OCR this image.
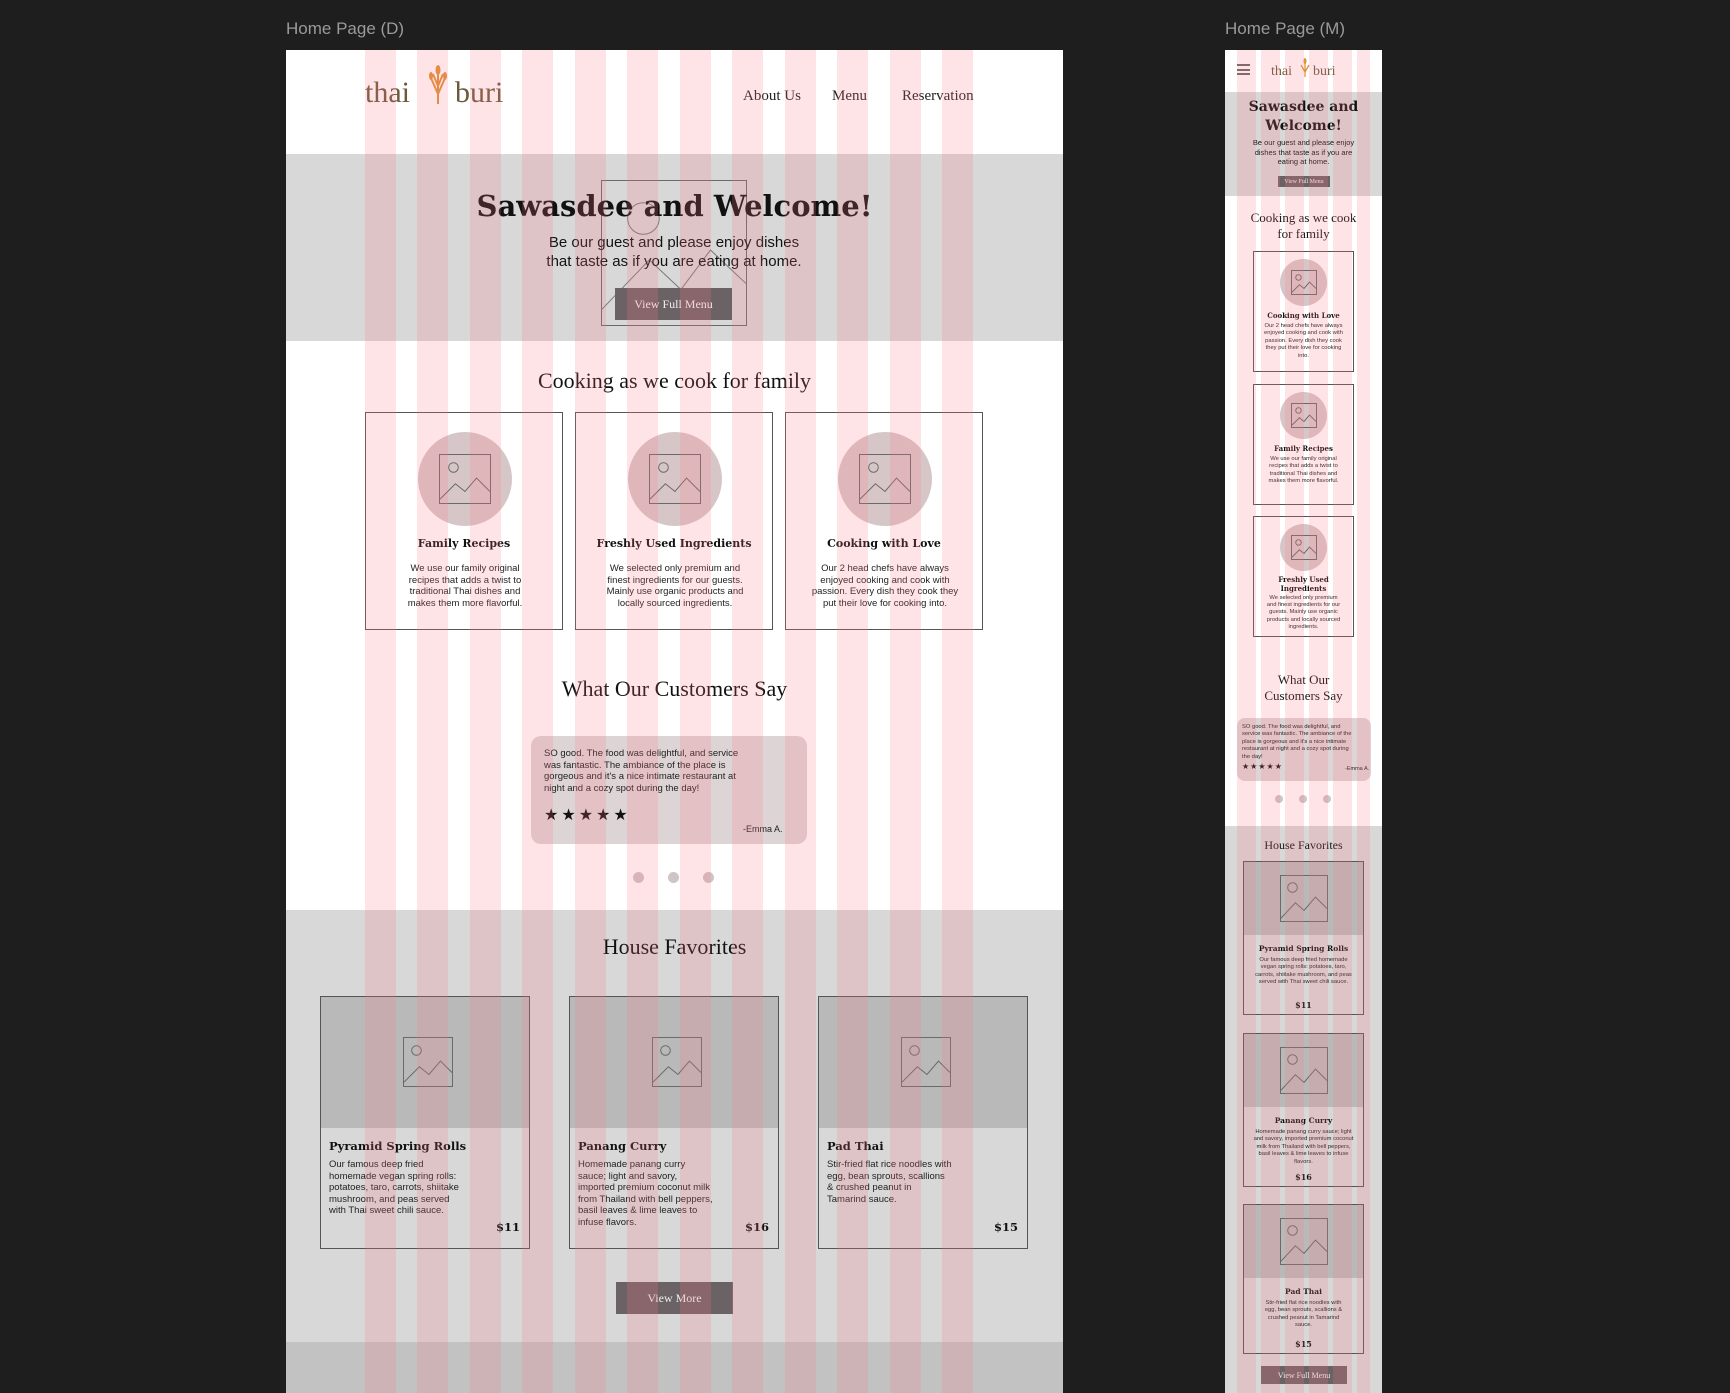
Home Page (D)
thai buri	About Us Menu Reservation
Sawasdee and Welcome!
Be our guest and please enjoy dishes that taste as if you are eating at home.
View Full Menu
Cooking as we cook for family
Family Recipes
We use our family original recipes that adds a twist to traditional Thai dishes and makes them more flavorful.
Freshly Used Ingredients
We selected only premium and finest ingredients for our guests. Mainly use organic products and locally sourced ingredients.
Cooking with Love
Our 2 head chefs have always enjoyed cooking and cook with passion. Every dish they cook they put their love for cooking into.
What Our Customers Say
SO good. The food was delightful, and service was fantastic. The ambiance of the place is gorgeous and it's a nice intimate restaurant at night and a cozy spot during the day!
★★★★★
-Emma A.
House Favorites
Pyramid Spring Rolls
Our famous deep fried homemade vegan spring rolls: potatoes, taro, carrots, shiitake mushroom, and peas served with Thai sweet chili sauce.
$11
Panang Curry
Homemade panang curry sauce; light and savory, imported premium coconut milk from Thailand with bell peppers, basil leaves & lime leaves to infuse flavors.	$16
Pad Thai
Stir-fried flat rice noodles with egg, bean sprouts, scallions & crushed peanut in Tamarind sauce.
$15
View More
Home Page (M)
thai buri
Sawasdee and Welcome!
Be our guest and please enjoy dishes that taste as if you are eating at home.
View Full Menu
Cooking as we cook for family
Cooking with Love
Our 2 head chefs have always enjoyed cooking and cook with passion. Every dish they cook they put their love for cooking into.
Family Recipes
We use our family original recipes that adds a twist to traditional Thai dishes and makes them more flavorful.
Freshly Used Ingredients
We selected only premium and finest ingredients for our guests. Mainly use organic products and locally sourced ingredients.
What Our Customers Say
SO good. The food was delightful, and service was fantastic. The ambiance of the place is gorgeous and it's a nice intimate restaurant at night and a cozy spot during the day!
★★★★★	-Emma A.
House Favorites
Pyramid Spring Rolls
Our famous deep fried homemade vegan spring rolls: potatoes, taro, carrots, shiitake mushroom, and peas served with Thai sweet chili sauce.
$11
Panang Curry
Homemade panang curry sauce; light and savory, imported premium coconut milk from Thailand with bell peppers, basil leaves & lime leaves to infuse flavors.
$16
Pad Thai
Stir-fried flat rice noodles with egg, bean sprouts, scallions & crushed peanut in Tamarind sauce.
$15
View Full Menu
